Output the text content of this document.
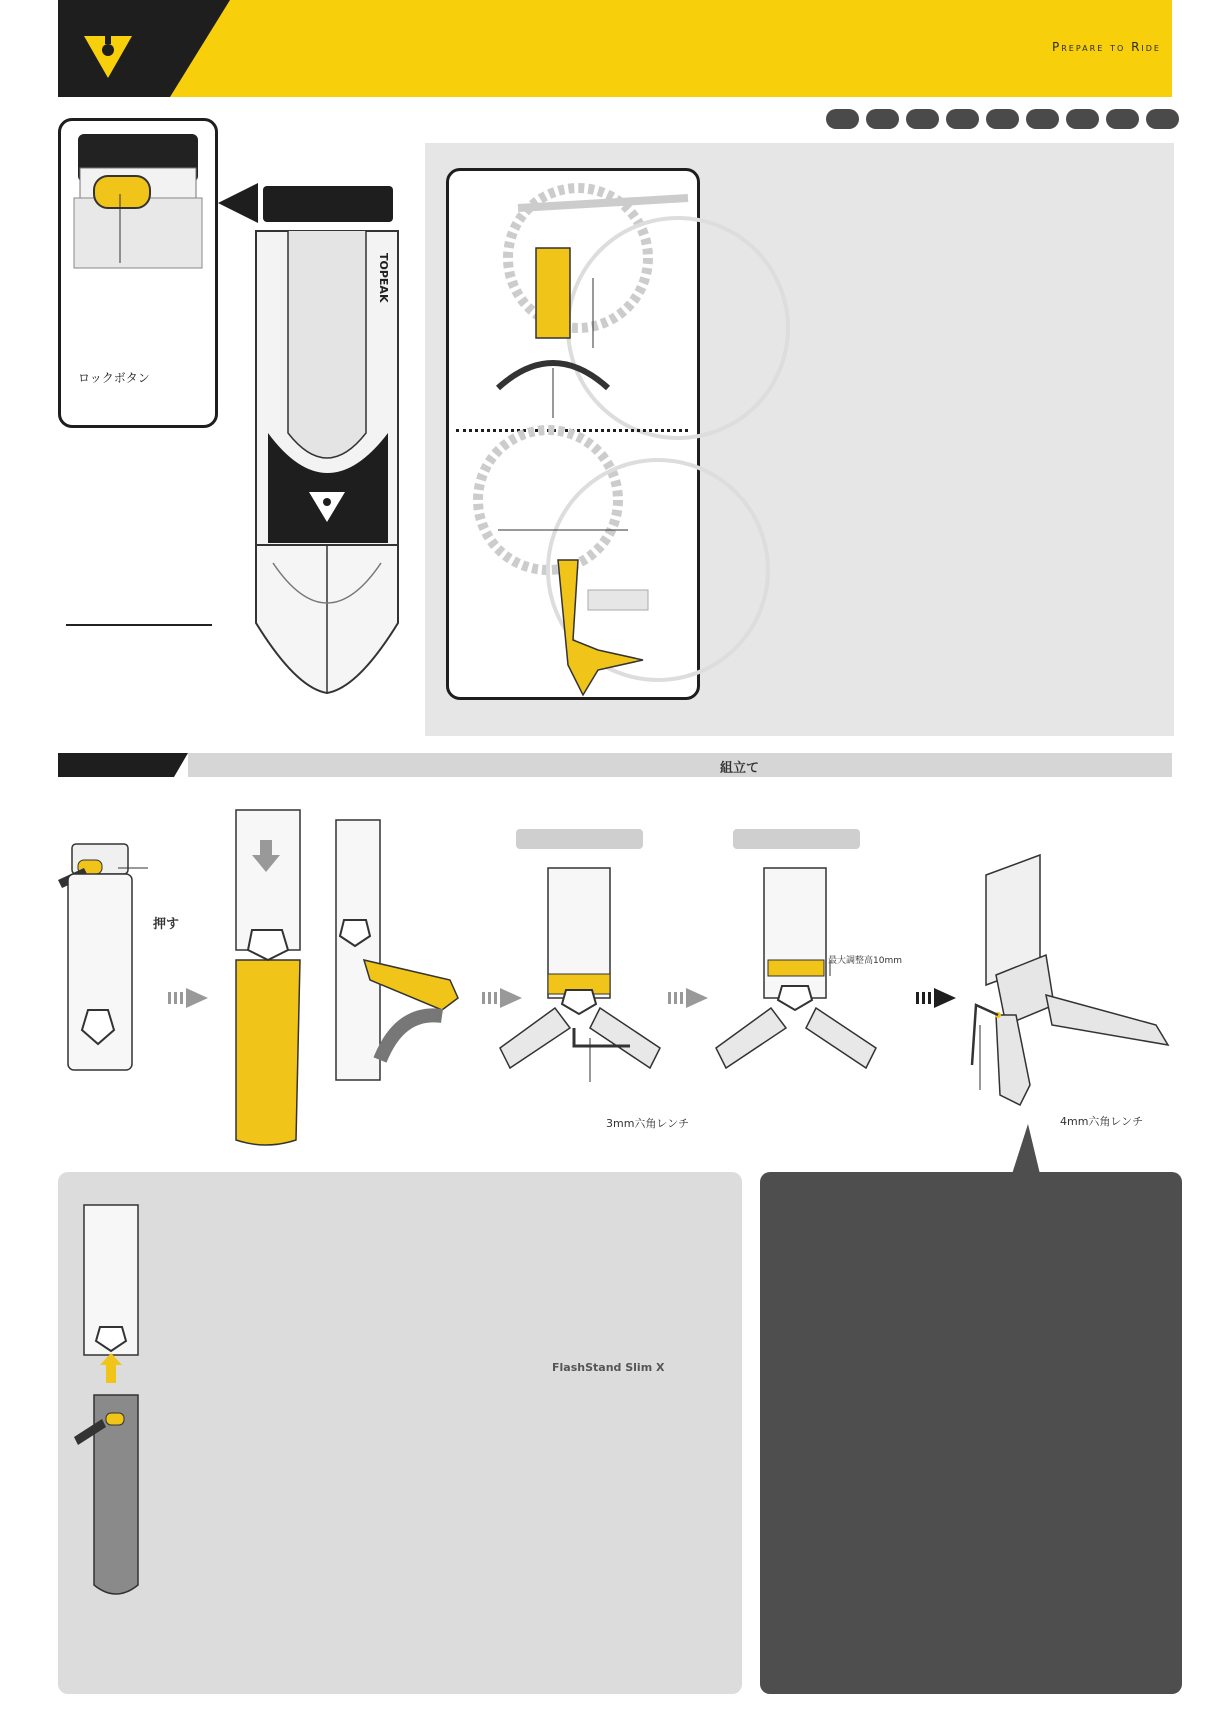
Prepare to Ride
ロックボタン
TOPEAK
組立て
押す
3mm六角レンチ
最大調整高10mm
4mm六角レンチ
FlashStand Slim X
